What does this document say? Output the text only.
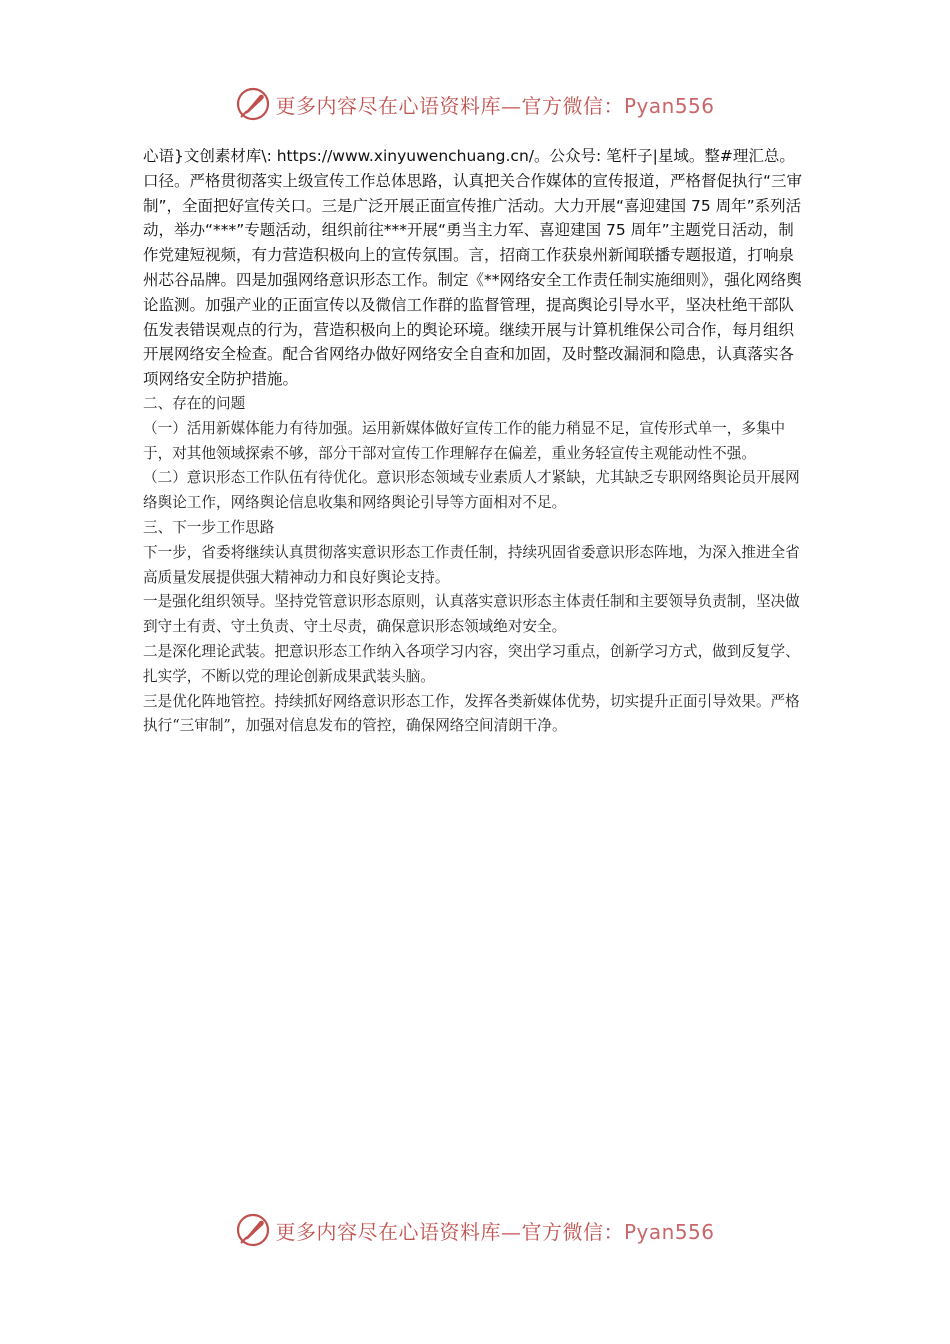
更多内容尽在心语资料库—官方微信：Pyan556

心语}文创素材库\: https://www.xinyuwenchuang.cn/。公众号: 笔杆子|星域。整#理汇总。口径。严格贯彻落实上级宣传工作总体思路，认真把关合作媒体的宣传报道，严格督促执行“三审制”，全面把好宣传关口。三是广泛开展正面宣传推广活动。大力开展“喜迎建国 75 周年”系列活动，举办“***”专题活动，组织前往***开展“勇当主力军、喜迎建国 75 周年”主题党日活动，制作党建短视频，有力营造积极向上的宣传氛围。言，招商工作获泉州新闻联播专题报道，打响泉州芯谷品牌。四是加强网络意识形态工作。制定《**网络安全工作责任制实施细则》，强化网络舆论监测。加强产业的正面宣传以及微信工作群的监督管理，提高舆论引导水平，坚决杜绝干部队伍发表错误观点的行为，营造积极向上的舆论环境。继续开展与计算机维保公司合作，每月组织开展网络安全检查。配合省网络办做好网络安全自查和加固，及时整改漏洞和隐患，认真落实各项网络安全防护措施。

二、存在的问题

（一）活用新媒体能力有待加强。运用新媒体做好宣传工作的能力稍显不足，宣传形式单一，多集中于，对其他领域探索不够，部分干部对宣传工作理解存在偏差，重业务轻宣传主观能动性不强。

（二）意识形态工作队伍有待优化。意识形态领域专业素质人才紧缺，尤其缺乏专职网络舆论员开展网络舆论工作，网络舆论信息收集和网络舆论引导等方面相对不足。

三、下一步工作思路

下一步，省委将继续认真贯彻落实意识形态工作责任制，持续巩固省委意识形态阵地，为深入推进全省高质量发展提供强大精神动力和良好舆论支持。

一是强化组织领导。坚持党管意识形态原则，认真落实意识形态主体责任制和主要领导负责制，坚决做到守土有责、守土负责、守土尽责，确保意识形态领域绝对安全。

二是深化理论武装。把意识形态工作纳入各项学习内容，突出学习重点，创新学习方式，做到反复学、扎实学，不断以党的理论创新成果武装头脑。

三是优化阵地管控。持续抓好网络意识形态工作，发挥各类新媒体优势，切实提升正面引导效果。严格执行“三审制”，加强对信息发布的管控，确保网络空间清朗干净。

更多内容尽在心语资料库—官方微信：Pyan556
